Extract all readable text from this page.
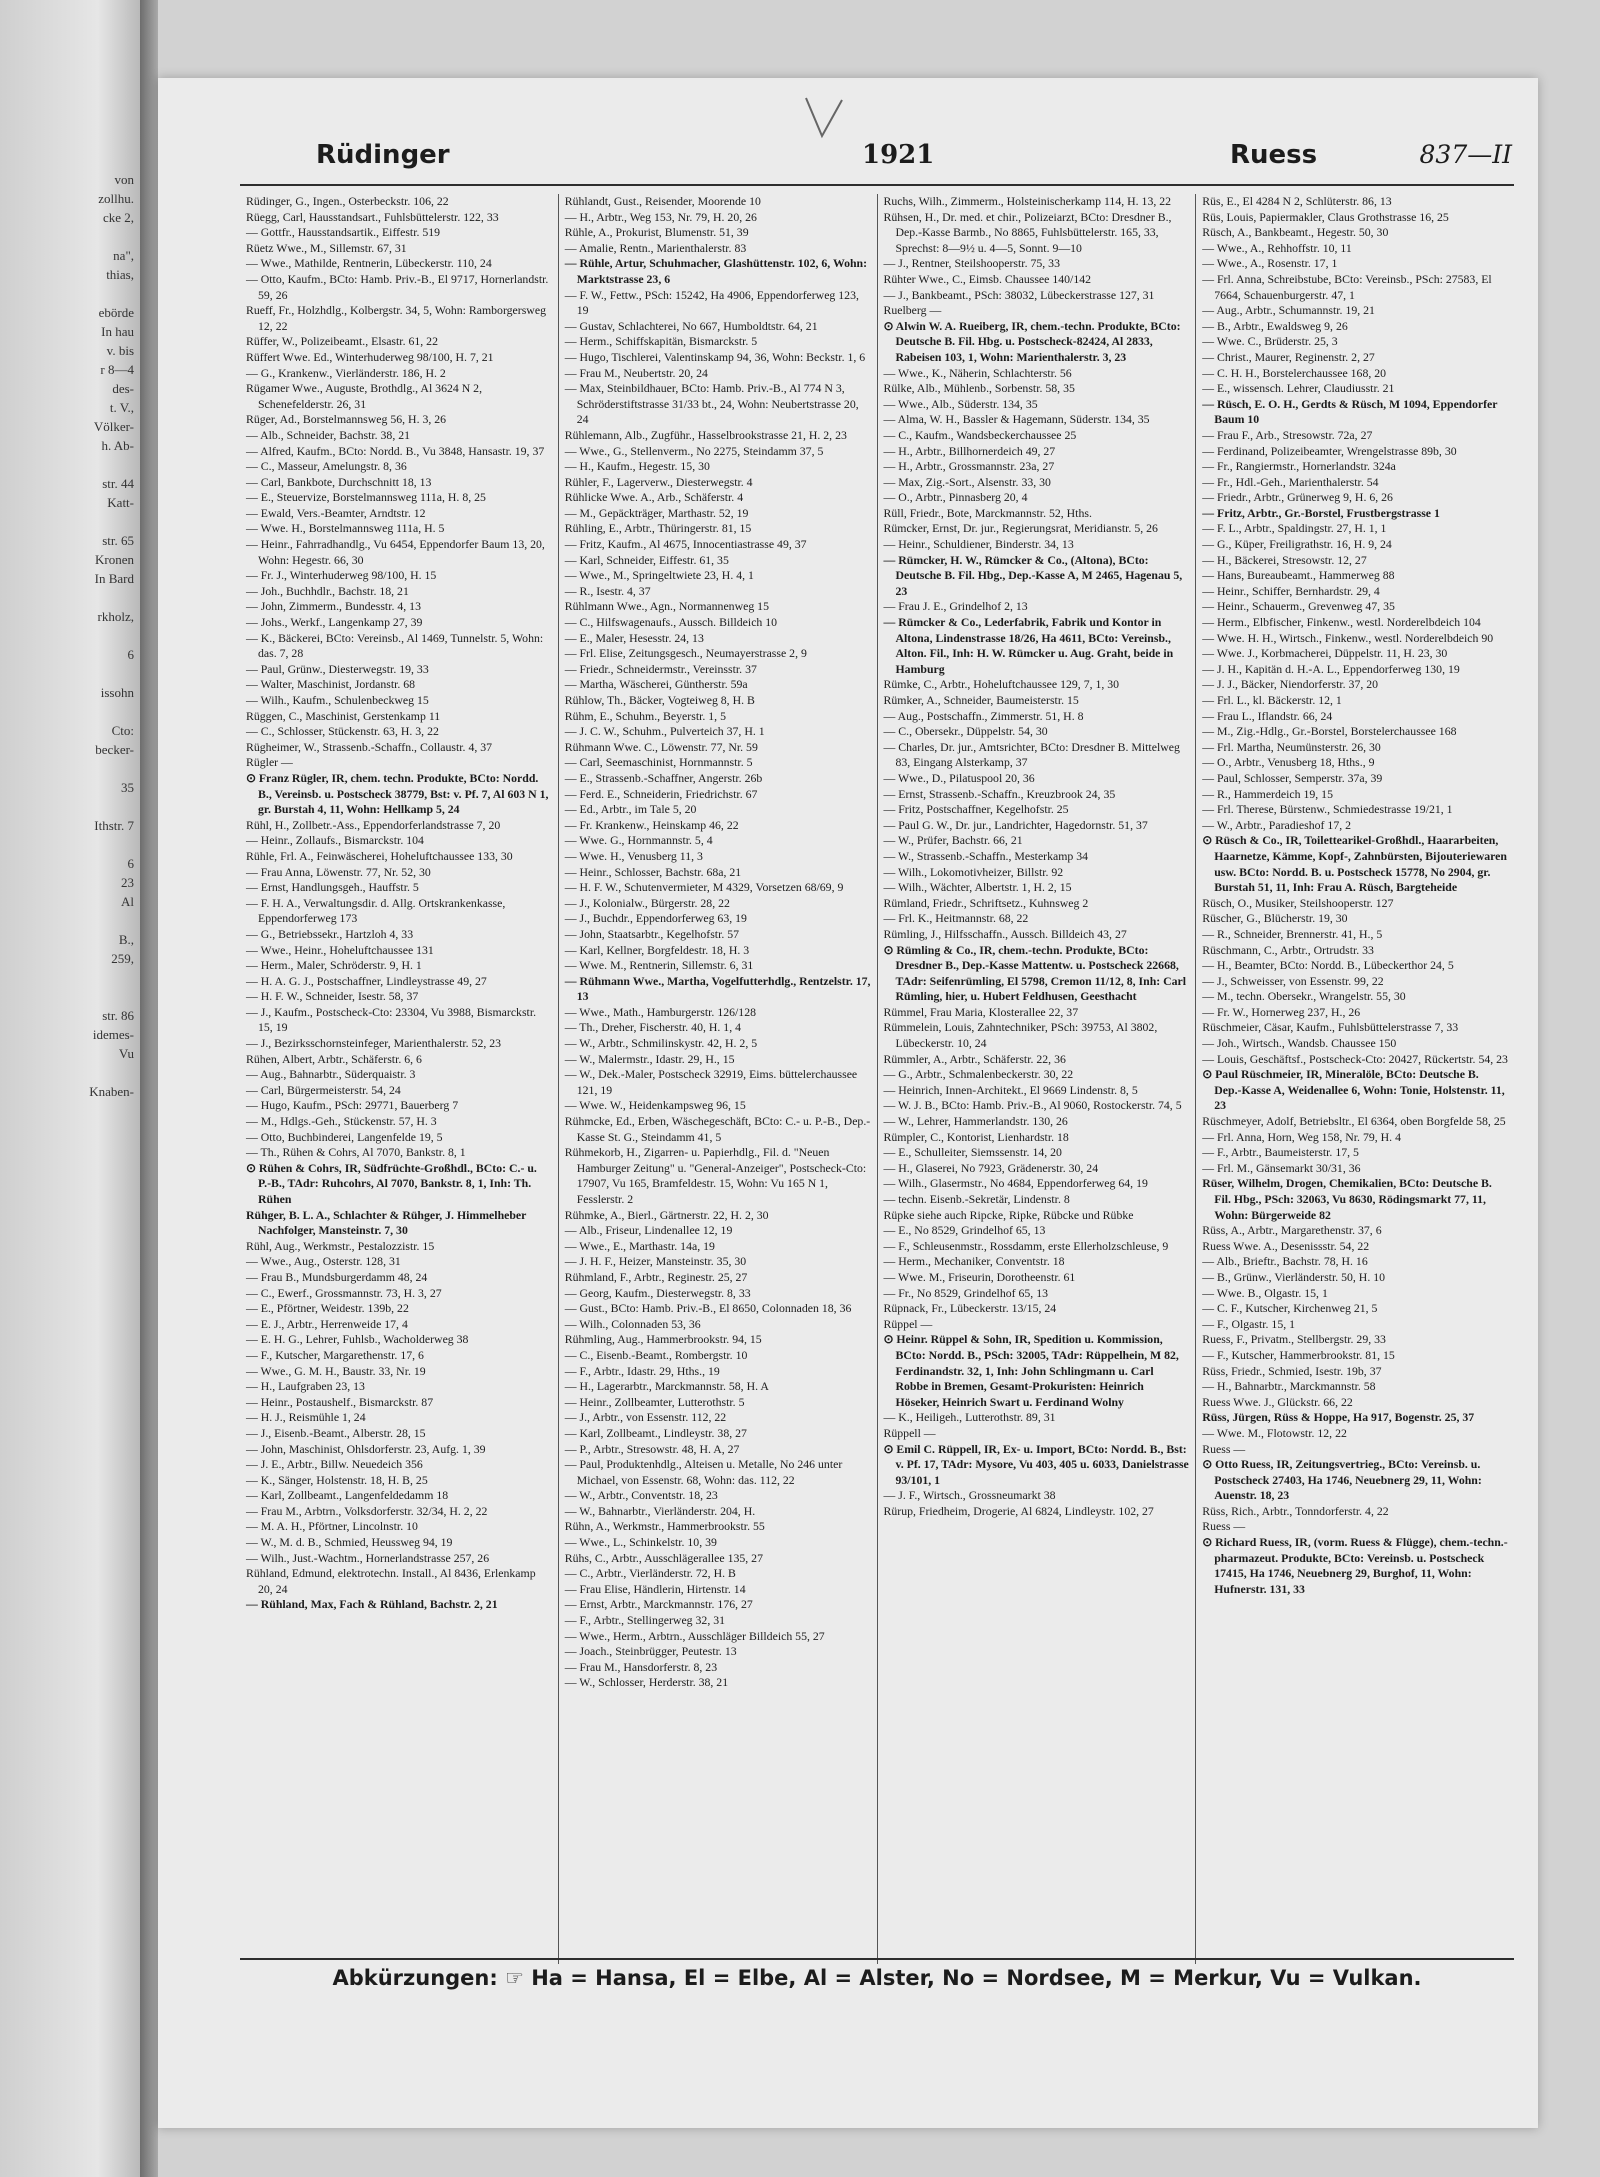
von
zollhu.
cke 2,

na",
thias,

ebörde
In hau
v. bis
r 8—4
des-
t. V.,
Völker-
h. Ab-

str. 44
Katt-

str. 65
Kronen
In Bard

rkholz,

6

issohn

Cto:
becker-

35

Ithstr. 7

6
23
Al

B.,
259,

str. 86
idemes-
Vu

Knaben-
Rüdinger	1921	Ruess	837—II

Rüdinger, G., Ingen., Osterbeckstr. 106, 22

Rüegg, Carl, Hausstandsart., Fuhlsbüttelerstr. 122, 33

— Gottfr., Hausstandsartik., Eiffestr. 519

Rüetz Wwe., M., Sillemstr. 67, 31

— Wwe., Mathilde, Rentnerin, Lübeckerstr. 110, 24

— Otto, Kaufm., BCto: Hamb. Priv.-B., El 9717, Hornerlandstr. 59, 26

Rueff, Fr., Holzhdlg., Kolbergstr. 34, 5, Wohn: Ramborgersweg 12, 22

Rüffer, W., Polizeibeamt., Elsastr. 61, 22

Rüffert Wwe. Ed., Winterhuderweg 98/100, H. 7, 21

— G., Krankenw., Vierländerstr. 186, H. 2

Rügamer Wwe., Auguste, Brothdlg., Al 3624 N 2, Schenefelderstr. 26, 31

Rüger, Ad., Borstelmannsweg 56, H. 3, 26

— Alb., Schneider, Bachstr. 38, 21

— Alfred, Kaufm., BCto: Nordd. B., Vu 3848, Hansastr. 19, 37

— C., Masseur, Amelungstr. 8, 36

— Carl, Bankbote, Durchschnitt 18, 13

— E., Steuervize, Borstelmannsweg 111a, H. 8, 25

— Ewald, Vers.-Beamter, Arndtstr. 12

— Wwe. H., Borstelmannsweg 111a, H. 5

— Heinr., Fahrradhandlg., Vu 6454, Eppendorfer Baum 13, 20, Wohn: Hegestr. 66, 30

— Fr. J., Winterhuderweg 98/100, H. 15

— Joh., Buchhdlr., Bachstr. 18, 21

— John, Zimmerm., Bundesstr. 4, 13

— Johs., Werkf., Langenkamp 27, 39

— K., Bäckerei, BCto: Vereinsb., Al 1469, Tunnelstr. 5, Wohn: das. 7, 28

— Paul, Grünw., Diesterwegstr. 19, 33

— Walter, Maschinist, Jordanstr. 68

— Wilh., Kaufm., Schulenbeckweg 15

Rüggen, C., Maschinist, Gerstenkamp 11

— C., Schlosser, Stückenstr. 63, H. 3, 22

Rügheimer, W., Strassenb.-Schaffn., Collaustr. 4, 37

Rügler —

⊙ Franz Rügler, IR, chem. techn. Produkte, BCto: Nordd. B., Vereinsb. u. Postscheck 38779, Bst: v. Pf. 7, Al 603 N 1, gr. Burstah 4, 11, Wohn: Hellkamp 5, 24

Rühl, H., Zollbetr.-Ass., Eppendorferlandstrasse 7, 20

— Heinr., Zollaufs., Bismarckstr. 104

Rühle, Frl. A., Feinwäscherei, Hoheluftchaussee 133, 30

— Frau Anna, Löwenstr. 77, Nr. 52, 30

— Ernst, Handlungsgeh., Hauffstr. 5

— F. H. A., Verwaltungsdir. d. Allg. Ortskrankenkasse, Eppendorferweg 173

— G., Betriebssekr., Hartzloh 4, 33

— Wwe., Heinr., Hoheluftchaussee 131

— Herm., Maler, Schröderstr. 9, H. 1

— H. A. G. J., Postschaffner, Lindleystrasse 49, 27

— H. F. W., Schneider, Isestr. 58, 37

— J., Kaufm., Postscheck-Cto: 23304, Vu 3988, Bismarckstr. 15, 19

— J., Bezirksschornsteinfeger, Marienthalerstr. 52, 23

Rühen, Albert, Arbtr., Schäferstr. 6, 6

— Aug., Bahnarbtr., Süderquaistr. 3

— Carl, Bürgermeisterstr. 54, 24

— Hugo, Kaufm., PSch: 29771, Bauerberg 7

— M., Hdlgs.-Geh., Stückenstr. 57, H. 3

— Otto, Buchbinderei, Langenfelde 19, 5

— Th., Rühen & Cohrs, Al 7070, Bankstr. 8, 1

⊙ Rühen & Cohrs, IR, Südfrüchte-Großhdl., BCto: C.- u. P.-B., TAdr: Ruhcohrs, Al 7070, Bankstr. 8, 1, Inh: Th. Rühen

Rühger, B. L. A., Schlachter & Rühger, J. Himmelheber Nachfolger, Mansteinstr. 7, 30

Rühl, Aug., Werkmstr., Pestalozzistr. 15

— Wwe., Aug., Osterstr. 128, 31

— Frau B., Mundsburgerdamm 48, 24

— C., Ewerf., Grossmannstr. 73, H. 3, 27

— E., Pförtner, Weidestr. 139b, 22

— E. J., Arbtr., Herrenweide 17, 4

— E. H. G., Lehrer, Fuhlsb., Wacholderweg 38

— F., Kutscher, Margarethenstr. 17, 6

— Wwe., G. M. H., Baustr. 33, Nr. 19

— H., Laufgraben 23, 13

— Heinr., Postaushelf., Bismarckstr. 87

— H. J., Reismühle 1, 24

— J., Eisenb.-Beamt., Alberstr. 28, 15

— John, Maschinist, Ohlsdorferstr. 23, Aufg. 1, 39

— J. E., Arbtr., Billw. Neuedeich 356

— K., Sänger, Holstenstr. 18, H. B, 25

— Karl, Zollbeamt., Langenfeldedamm 18

— Frau M., Arbtrn., Volksdorferstr. 32/34, H. 2, 22

— M. A. H., Pförtner, Lincolnstr. 10

— W., M. d. B., Schmied, Heussweg 94, 19

— Wilh., Just.-Wachtm., Hornerlandstrasse 257, 26

Rühland, Edmund, elektrotechn. Install., Al 8436, Erlenkamp 20, 24

— Rühland, Max, Fach & Rühland, Bachstr. 2, 21

Rühlandt, Gust., Reisender, Moorende 10

— H., Arbtr., Weg 153, Nr. 79, H. 20, 26

Rühle, A., Prokurist, Blumenstr. 51, 39

— Amalie, Rentn., Marienthalerstr. 83

— Rühle, Artur, Schuhmacher, Glashüttenstr. 102, 6, Wohn: Marktstrasse 23, 6

— F. W., Fettw., PSch: 15242, Ha 4906, Eppendorferweg 123, 19

— Gustav, Schlachterei, No 667, Humboldtstr. 64, 21

— Herm., Schiffskapitän, Bismarckstr. 5

— Hugo, Tischlerei, Valentinskamp 94, 36, Wohn: Beckstr. 1, 6

— Frau M., Neubertstr. 20, 24

— Max, Steinbildhauer, BCto: Hamb. Priv.-B., Al 774 N 3, Schröderstiftstrasse 31/33 bt., 24, Wohn: Neubertstrasse 20, 24

Rühlemann, Alb., Zugführ., Hasselbrookstrasse 21, H. 2, 23

— Wwe., G., Stellenverm., No 2275, Steindamm 37, 5

— H., Kaufm., Hegestr. 15, 30

Rühler, F., Lagerverw., Diesterwegstr. 4

Rühlicke Wwe. A., Arb., Schäferstr. 4

— M., Gepäckträger, Marthastr. 52, 19

Rühling, E., Arbtr., Thüringerstr. 81, 15

— Fritz, Kaufm., Al 4675, Innocentiastrasse 49, 37

— Karl, Schneider, Eiffestr. 61, 35

— Wwe., M., Springeltwiete 23, H. 4, 1

— R., Isestr. 4, 37

Rühlmann Wwe., Agn., Normannenweg 15

— C., Hilfswagenaufs., Aussch. Billdeich 10

— E., Maler, Hesesstr. 24, 13

— Frl. Elise, Zeitungsgesch., Neumayerstrasse 2, 9

— Friedr., Schneidermstr., Vereinsstr. 37

— Martha, Wäscherei, Güntherstr. 59a

Rühlow, Th., Bäcker, Vogteiweg 8, H. B

Rühm, E., Schuhm., Beyerstr. 1, 5

— J. C. W., Schuhm., Pulverteich 37, H. 1

Rühmann Wwe. C., Löwenstr. 77, Nr. 59

— Carl, Seemaschinist, Hornmannstr. 5

— E., Strassenb.-Schaffner, Angerstr. 26b

— Ferd. E., Schneiderin, Friedrichstr. 67

— Ed., Arbtr., im Tale 5, 20

— Fr. Krankenw., Heinskamp 46, 22

— Wwe. G., Hornmannstr. 5, 4

— Wwe. H., Venusberg 11, 3

— Heinr., Schlosser, Bachstr. 68a, 21

— H. F. W., Schutenvermieter, M 4329, Vorsetzen 68/69, 9

— J., Kolonialw., Bürgerstr. 28, 22

— J., Buchdr., Eppendorferweg 63, 19

— John, Staatsarbtr., Kegelhofstr. 57

— Karl, Kellner, Borgfeldestr. 18, H. 3

— Wwe. M., Rentnerin, Sillemstr. 6, 31

— Rühmann Wwe., Martha, Vogelfutterhdlg., Rentzelstr. 17, 13

— Wwe., Math., Hamburgerstr. 126/128

— Th., Dreher, Fischerstr. 40, H. 1, 4

— W., Arbtr., Schmilinskystr. 42, H. 2, 5

— W., Malermstr., Idastr. 29, H., 15

— W., Dek.-Maler, Postscheck 32919, Eims. büttelerchaussee 121, 19

— Wwe. W., Heidenkampsweg 96, 15

Rühmcke, Ed., Erben, Wäschegeschäft, BCto: C.- u. P.-B., Dep.-Kasse St. G., Steindamm 41, 5

Rühmekorb, H., Zigarren- u. Papierhdlg., Fil. d. "Neuen Hamburger Zeitung" u. "General-Anzeiger", Postscheck-Cto: 17907, Vu 165, Bramfeldestr. 15, Wohn: Vu 165 N 1, Fesslerstr. 2

Rühmke, A., Bierl., Gärtnerstr. 22, H. 2, 30

— Alb., Friseur, Lindenallee 12, 19

— Wwe., E., Marthastr. 14a, 19

— J. H. F., Heizer, Mansteinstr. 35, 30

Rühmland, F., Arbtr., Reginestr. 25, 27

— Georg, Kaufm., Diesterwegstr. 8, 33

— Gust., BCto: Hamb. Priv.-B., El 8650, Colonnaden 18, 36

— Wilh., Colonnaden 53, 36

Rühmling, Aug., Hammerbrookstr. 94, 15

— C., Eisenb.-Beamt., Rombergstr. 10

— F., Arbtr., Idastr. 29, Hths., 19

— H., Lagerarbtr., Marckmannstr. 58, H. A

— Heinr., Zollbeamter, Lutterothstr. 5

— J., Arbtr., von Essenstr. 112, 22

— Karl, Zollbeamt., Lindleystr. 38, 27

— P., Arbtr., Stresowstr. 48, H. A, 27

— Paul, Produktenhdlg., Alteisen u. Metalle, No 246 unter Michael, von Essenstr. 68, Wohn: das. 112, 22

— W., Arbtr., Conventstr. 18, 23

— W., Bahnarbtr., Vierländerstr. 204, H.

Rühn, A., Werkmstr., Hammerbrookstr. 55

— Wwe., L., Schinkelstr. 10, 39

Rühs, C., Arbtr., Ausschlägerallee 135, 27

— C., Arbtr., Vierländerstr. 72, H. B

— Frau Elise, Händlerin, Hirtenstr. 14

— Ernst, Arbtr., Marckmannstr. 176, 27

— F., Arbtr., Stellingerweg 32, 31

— Wwe., Herm., Arbtrn., Ausschläger Billdeich 55, 27

— Joach., Steinbrügger, Peutestr. 13

— Frau M., Hansdorferstr. 8, 23

— W., Schlosser, Herderstr. 38, 21

Ruchs, Wilh., Zimmerm., Holsteinischerkamp 114, H. 13, 22

Rühsen, H., Dr. med. et chir., Polizeiarzt, BCto: Dresdner B., Dep.-Kasse Barmb., No 8865, Fuhlsbüttelerstr. 165, 33, Sprechst: 8—9½ u. 4—5, Sonnt. 9—10

— J., Rentner, Steilshooperstr. 75, 33

Rühter Wwe., C., Eimsb. Chaussee 140/142

— J., Bankbeamt., PSch: 38032, Lübeckerstrasse 127, 31

Ruelberg —

⊙ Alwin W. A. Rueiberg, IR, chem.-techn. Produkte, BCto: Deutsche B. Fil. Hbg. u. Postscheck-82424, Al 2833, Rabeisen 103, 1, Wohn: Marienthalerstr. 3, 23

— Wwe., K., Näherin, Schlachterstr. 56

Rülke, Alb., Mühlenb., Sorbenstr. 58, 35

— Wwe., Alb., Süderstr. 134, 35

— Alma, W. H., Bassler & Hagemann, Süderstr. 134, 35

— C., Kaufm., Wandsbeckerchaussee 25

— H., Arbtr., Billhornerdeich 49, 27

— H., Arbtr., Grossmannstr. 23a, 27

— Max, Zig.-Sort., Alsenstr. 33, 30

— O., Arbtr., Pinnasberg 20, 4

Rüll, Friedr., Bote, Marckmannstr. 52, Hths.

Rümcker, Ernst, Dr. jur., Regierungsrat, Meridianstr. 5, 26

— Heinr., Schuldiener, Binderstr. 34, 13

— Rümcker, H. W., Rümcker & Co., (Altona), BCto: Deutsche B. Fil. Hbg., Dep.-Kasse A, M 2465, Hagenau 5, 23

— Frau J. E., Grindelhof 2, 13

— Rümcker & Co., Lederfabrik, Fabrik und Kontor in Altona, Lindenstrasse 18/26, Ha 4611, BCto: Vereinsb., Alton. Fil., Inh: H. W. Rümcker u. Aug. Graht, beide in Hamburg

Rümke, C., Arbtr., Hoheluftchaussee 129, 7, 1, 30

Rümker, A., Schneider, Baumeisterstr. 15

— Aug., Postschaffn., Zimmerstr. 51, H. 8

— C., Obersekr., Düppelstr. 54, 30

— Charles, Dr. jur., Amtsrichter, BCto: Dresdner B. Mittelweg 83, Eingang Alsterkamp, 37

— Wwe., D., Pilatuspool 20, 36

— Ernst, Strassenb.-Schaffn., Kreuzbrook 24, 35

— Fritz, Postschaffner, Kegelhofstr. 25

— Paul G. W., Dr. jur., Landrichter, Hagedornstr. 51, 37

— W., Prüfer, Bachstr. 66, 21

— W., Strassenb.-Schaffn., Mesterkamp 34

— Wilh., Lokomotivheizer, Billstr. 92

— Wilh., Wächter, Albertstr. 1, H. 2, 15

Rümland, Friedr., Schriftsetz., Kuhnsweg 2

— Frl. K., Heitmannstr. 68, 22

Rümling, J., Hilfsschaffn., Aussch. Billdeich 43, 27

⊙ Rümling & Co., IR, chem.-techn. Produkte, BCto: Dresdner B., Dep.-Kasse Mattentw. u. Postscheck 22668, TAdr: Seifenrümling, El 5798, Cremon 11/12, 8, Inh: Carl Rümling, hier, u. Hubert Feldhusen, Geesthacht

Rümmel, Frau Maria, Klosterallee 22, 37

Rümmelein, Louis, Zahntechniker, PSch: 39753, Al 3802, Lübeckerstr. 10, 24

Rümmler, A., Arbtr., Schäferstr. 22, 36

— G., Arbtr., Schmalenbeckerstr. 30, 22

— Heinrich, Innen-Architekt., El 9669 Lindenstr. 8, 5

— W. J. B., BCto: Hamb. Priv.-B., Al 9060, Rostockerstr. 74, 5

— W., Lehrer, Hammerlandstr. 130, 26

Rümpler, C., Kontorist, Lienhardstr. 18

— E., Schulleiter, Siemssenstr. 14, 20

— H., Glaserei, No 7923, Grädenerstr. 30, 24

— Wilh., Glasermstr., No 4684, Eppendorferweg 64, 19

— techn. Eisenb.-Sekretär, Lindenstr. 8

Rüpke siehe auch Ripcke, Ripke, Rübcke und Rübke

— E., No 8529, Grindelhof 65, 13

— F., Schleusenmstr., Rossdamm, erste Ellerholzschleuse, 9

— Herm., Mechaniker, Conventstr. 18

— Wwe. M., Friseurin, Dorotheenstr. 61

— Fr., No 8529, Grindelhof 65, 13

Rüpnack, Fr., Lübeckerstr. 13/15, 24

Rüppel —

⊙ Heinr. Rüppel & Sohn, IR, Spedition u. Kommission, BCto: Nordd. B., PSch: 32005, TAdr: Rüppelhein, M 82, Ferdinandstr. 32, 1, Inh: John Schlingmann u. Carl Robbe in Bremen, Gesamt-Prokuristen: Heinrich Höseker, Heinrich Swart u. Ferdinand Wolny

— K., Heiligeh., Lutterothstr. 89, 31

Rüppell —

⊙ Emil C. Rüppell, IR, Ex- u. Import, BCto: Nordd. B., Bst: v. Pf. 17, TAdr: Mysore, Vu 403, 405 u. 6033, Danielstrasse 93/101, 1

— J. F., Wirtsch., Grossneumarkt 38

Rürup, Friedheim, Drogerie, Al 6824, Lindleystr. 102, 27

Rüs, E., El 4284 N 2, Schlüterstr. 86, 13

Rüs, Louis, Papiermakler, Claus Grothstrasse 16, 25

Rüsch, A., Bankbeamt., Hegestr. 50, 30

— Wwe., A., Rehhoffstr. 10, 11

— Wwe., A., Rosenstr. 17, 1

— Frl. Anna, Schreibstube, BCto: Vereinsb., PSch: 27583, El 7664, Schauenburgerstr. 47, 1

— Aug., Arbtr., Schumannstr. 19, 21

— B., Arbtr., Ewaldsweg 9, 26

— Wwe. C., Brüderstr. 25, 3

— Christ., Maurer, Reginenstr. 2, 27

— C. H. H., Borstelerchaussee 168, 20

— E., wissensch. Lehrer, Claudiusstr. 21

— Rüsch, E. O. H., Gerdts & Rüsch, M 1094, Eppendorfer Baum 10

— Frau F., Arb., Stresowstr. 72a, 27

— Ferdinand, Polizeibeamter, Wrengelstrasse 89b, 30

— Fr., Rangiermstr., Hornerlandstr. 324a

— Fr., Hdl.-Geh., Marienthalerstr. 54

— Friedr., Arbtr., Grünerweg 9, H. 6, 26

— Fritz, Arbtr., Gr.-Borstel, Frustbergstrasse 1

— F. L., Arbtr., Spaldingstr. 27, H. 1, 1

— G., Küper, Freiligrathstr. 16, H. 9, 24

— H., Bäckerei, Stresowstr. 12, 27

— Hans, Bureaubeamt., Hammerweg 88

— Heinr., Schiffer, Bernhardstr. 29, 4

— Heinr., Schauerm., Grevenweg 47, 35

— Herm., Elbfischer, Finkenw., westl. Norderelbdeich 104

— Wwe. H. H., Wirtsch., Finkenw., westl. Norderelbdeich 90

— Wwe. J., Korbmacherei, Düppelstr. 11, H. 23, 30

— J. H., Kapitän d. H.-A. L., Eppendorferweg 130, 19

— J. J., Bäcker, Niendorferstr. 37, 20

— Frl. L., kl. Bäckerstr. 12, 1

— Frau L., Iflandstr. 66, 24

— M., Zig.-Hdlg., Gr.-Borstel, Borstelerchaussee 168

— Frl. Martha, Neumünsterstr. 26, 30

— O., Arbtr., Venusberg 18, Hths., 9

— Paul, Schlosser, Semperstr. 37a, 39

— R., Hammerdeich 19, 15

— Frl. Therese, Bürstenw., Schmiedestrasse 19/21, 1

— W., Arbtr., Paradieshof 17, 2

⊙ Rüsch & Co., IR, Toilettearikel-Großhdl., Haararbeiten, Haarnetze, Kämme, Kopf-, Zahnbürsten, Bijouteriewaren usw. BCto: Nordd. B. u. Postscheck 15778, No 2904, gr. Burstah 51, 11, Inh: Frau A. Rüsch, Bargteheide

Rüsch, O., Musiker, Steilshooperstr. 127

Rüscher, G., Blücherstr. 19, 30

— R., Schneider, Brennerstr. 41, H., 5

Rüschmann, C., Arbtr., Ortrudstr. 33

— H., Beamter, BCto: Nordd. B., Lübeckerthor 24, 5

— J., Schweisser, von Essenstr. 99, 22

— M., techn. Obersekr., Wrangelstr. 55, 30

— Fr. W., Hornerweg 237, H., 26

Rüschmeier, Cäsar, Kaufm., Fuhlsbüttelerstrasse 7, 33

— Joh., Wirtsch., Wandsb. Chaussee 150

— Louis, Geschäftsf., Postscheck-Cto: 20427, Rückertstr. 54, 23

⊙ Paul Rüschmeier, IR, Mineralöle, BCto: Deutsche B. Dep.-Kasse A, Weidenallee 6, Wohn: Tonie, Holstenstr. 11, 23

Rüschmeyer, Adolf, Betriebsltr., El 6364, oben Borgfelde 58, 25

— Frl. Anna, Horn, Weg 158, Nr. 79, H. 4

— F., Arbtr., Baumeisterstr. 17, 5

— Frl. M., Gänsemarkt 30/31, 36

Rüser, Wilhelm, Drogen, Chemikalien, BCto: Deutsche B. Fil. Hbg., PSch: 32063, Vu 8630, Rödingsmarkt 77, 11, Wohn: Bürgerweide 82

Rüss, A., Arbtr., Margarethenstr. 37, 6

Ruess Wwe. A., Desenissstr. 54, 22

— Alb., Brieftr., Bachstr. 78, H. 16

— B., Grünw., Vierländerstr. 50, H. 10

— Wwe. B., Olgastr. 15, 1

— C. F., Kutscher, Kirchenweg 21, 5

— F., Olgastr. 15, 1

Ruess, F., Privatm., Stellbergstr. 29, 33

— F., Kutscher, Hammerbrookstr. 81, 15

Rüss, Friedr., Schmied, Isestr. 19b, 37

— H., Bahnarbtr., Marckmannstr. 58

Ruess Wwe. J., Glückstr. 66, 22

Rüss, Jürgen, Rüss & Hoppe, Ha 917, Bogenstr. 25, 37

— Wwe. M., Flotowstr. 12, 22

Ruess —

⊙ Otto Ruess, IR, Zeitungsvertrieg., BCto: Vereinsb. u. Postscheck 27403, Ha 1746, Neuebnerg 29, 11, Wohn: Auenstr. 18, 23

Rüss, Rich., Arbtr., Tonndorferstr. 4, 22

Ruess —

⊙ Richard Ruess, IR, (vorm. Ruess & Flügge), chem.-techn.-pharmazeut. Produkte, BCto: Vereinsb. u. Postscheck 17415, Ha 1746, Neuebnerg 29, Burghof, 11, Wohn: Hufnerstr. 131, 33

Abkürzungen: ☞ Ha = Hansa, El = Elbe, Al = Alster, No = Nordsee, M = Merkur, Vu = Vulkan.
